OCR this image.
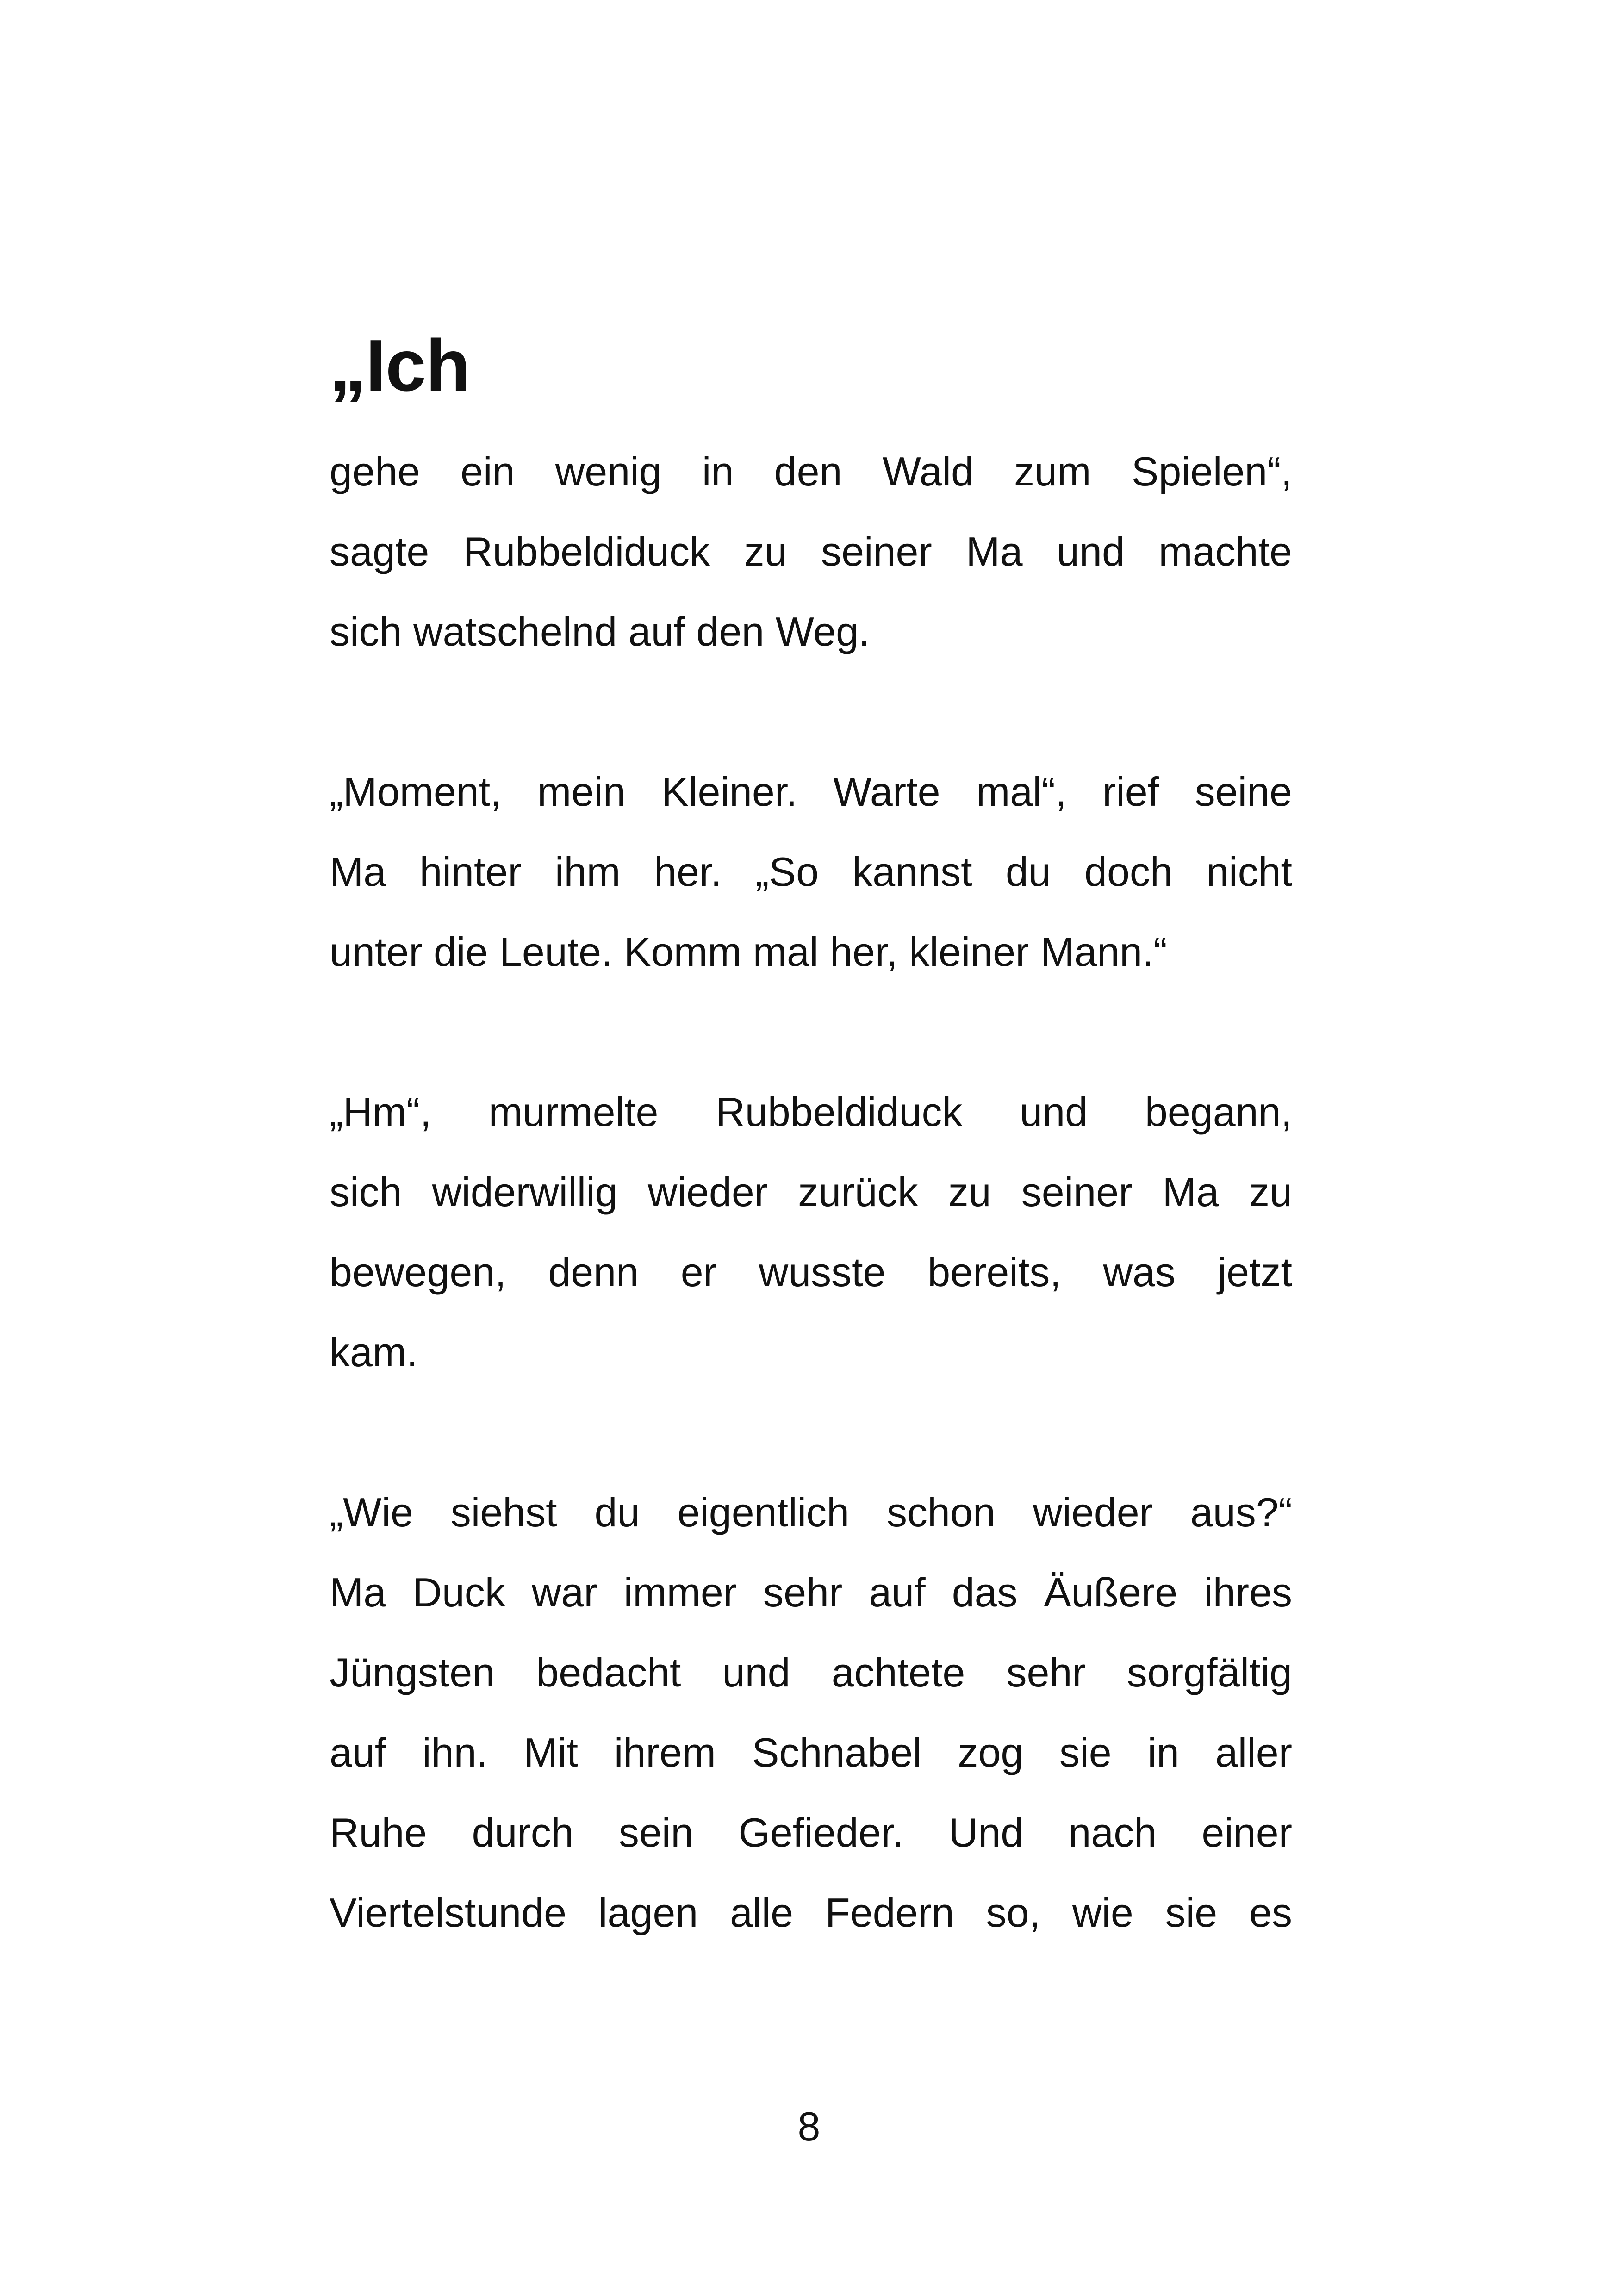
„Ich
gehe ein wenig in den Wald zum Spielen“,
sagte Rubbeldiduck zu seiner Ma und machte
sich watschelnd auf den Weg.
„Moment, mein Kleiner. Warte mal“, rief seine
Ma hinter ihm her. „So kannst du doch nicht
unter die Leute. Komm mal her, kleiner Mann.“
„Hm“, murmelte Rubbeldiduck und begann,
sich widerwillig wieder zurück zu seiner Ma zu
bewegen, denn er wusste bereits, was jetzt
kam.
„Wie siehst du eigentlich schon wieder aus?“
Ma Duck war immer sehr auf das Äußere ihres
Jüngsten bedacht und achtete sehr sorgfältig
auf ihn. Mit ihrem Schnabel zog sie in aller
Ruhe durch sein Gefieder. Und nach einer
Viertelstunde lagen alle Federn so, wie sie es
8
